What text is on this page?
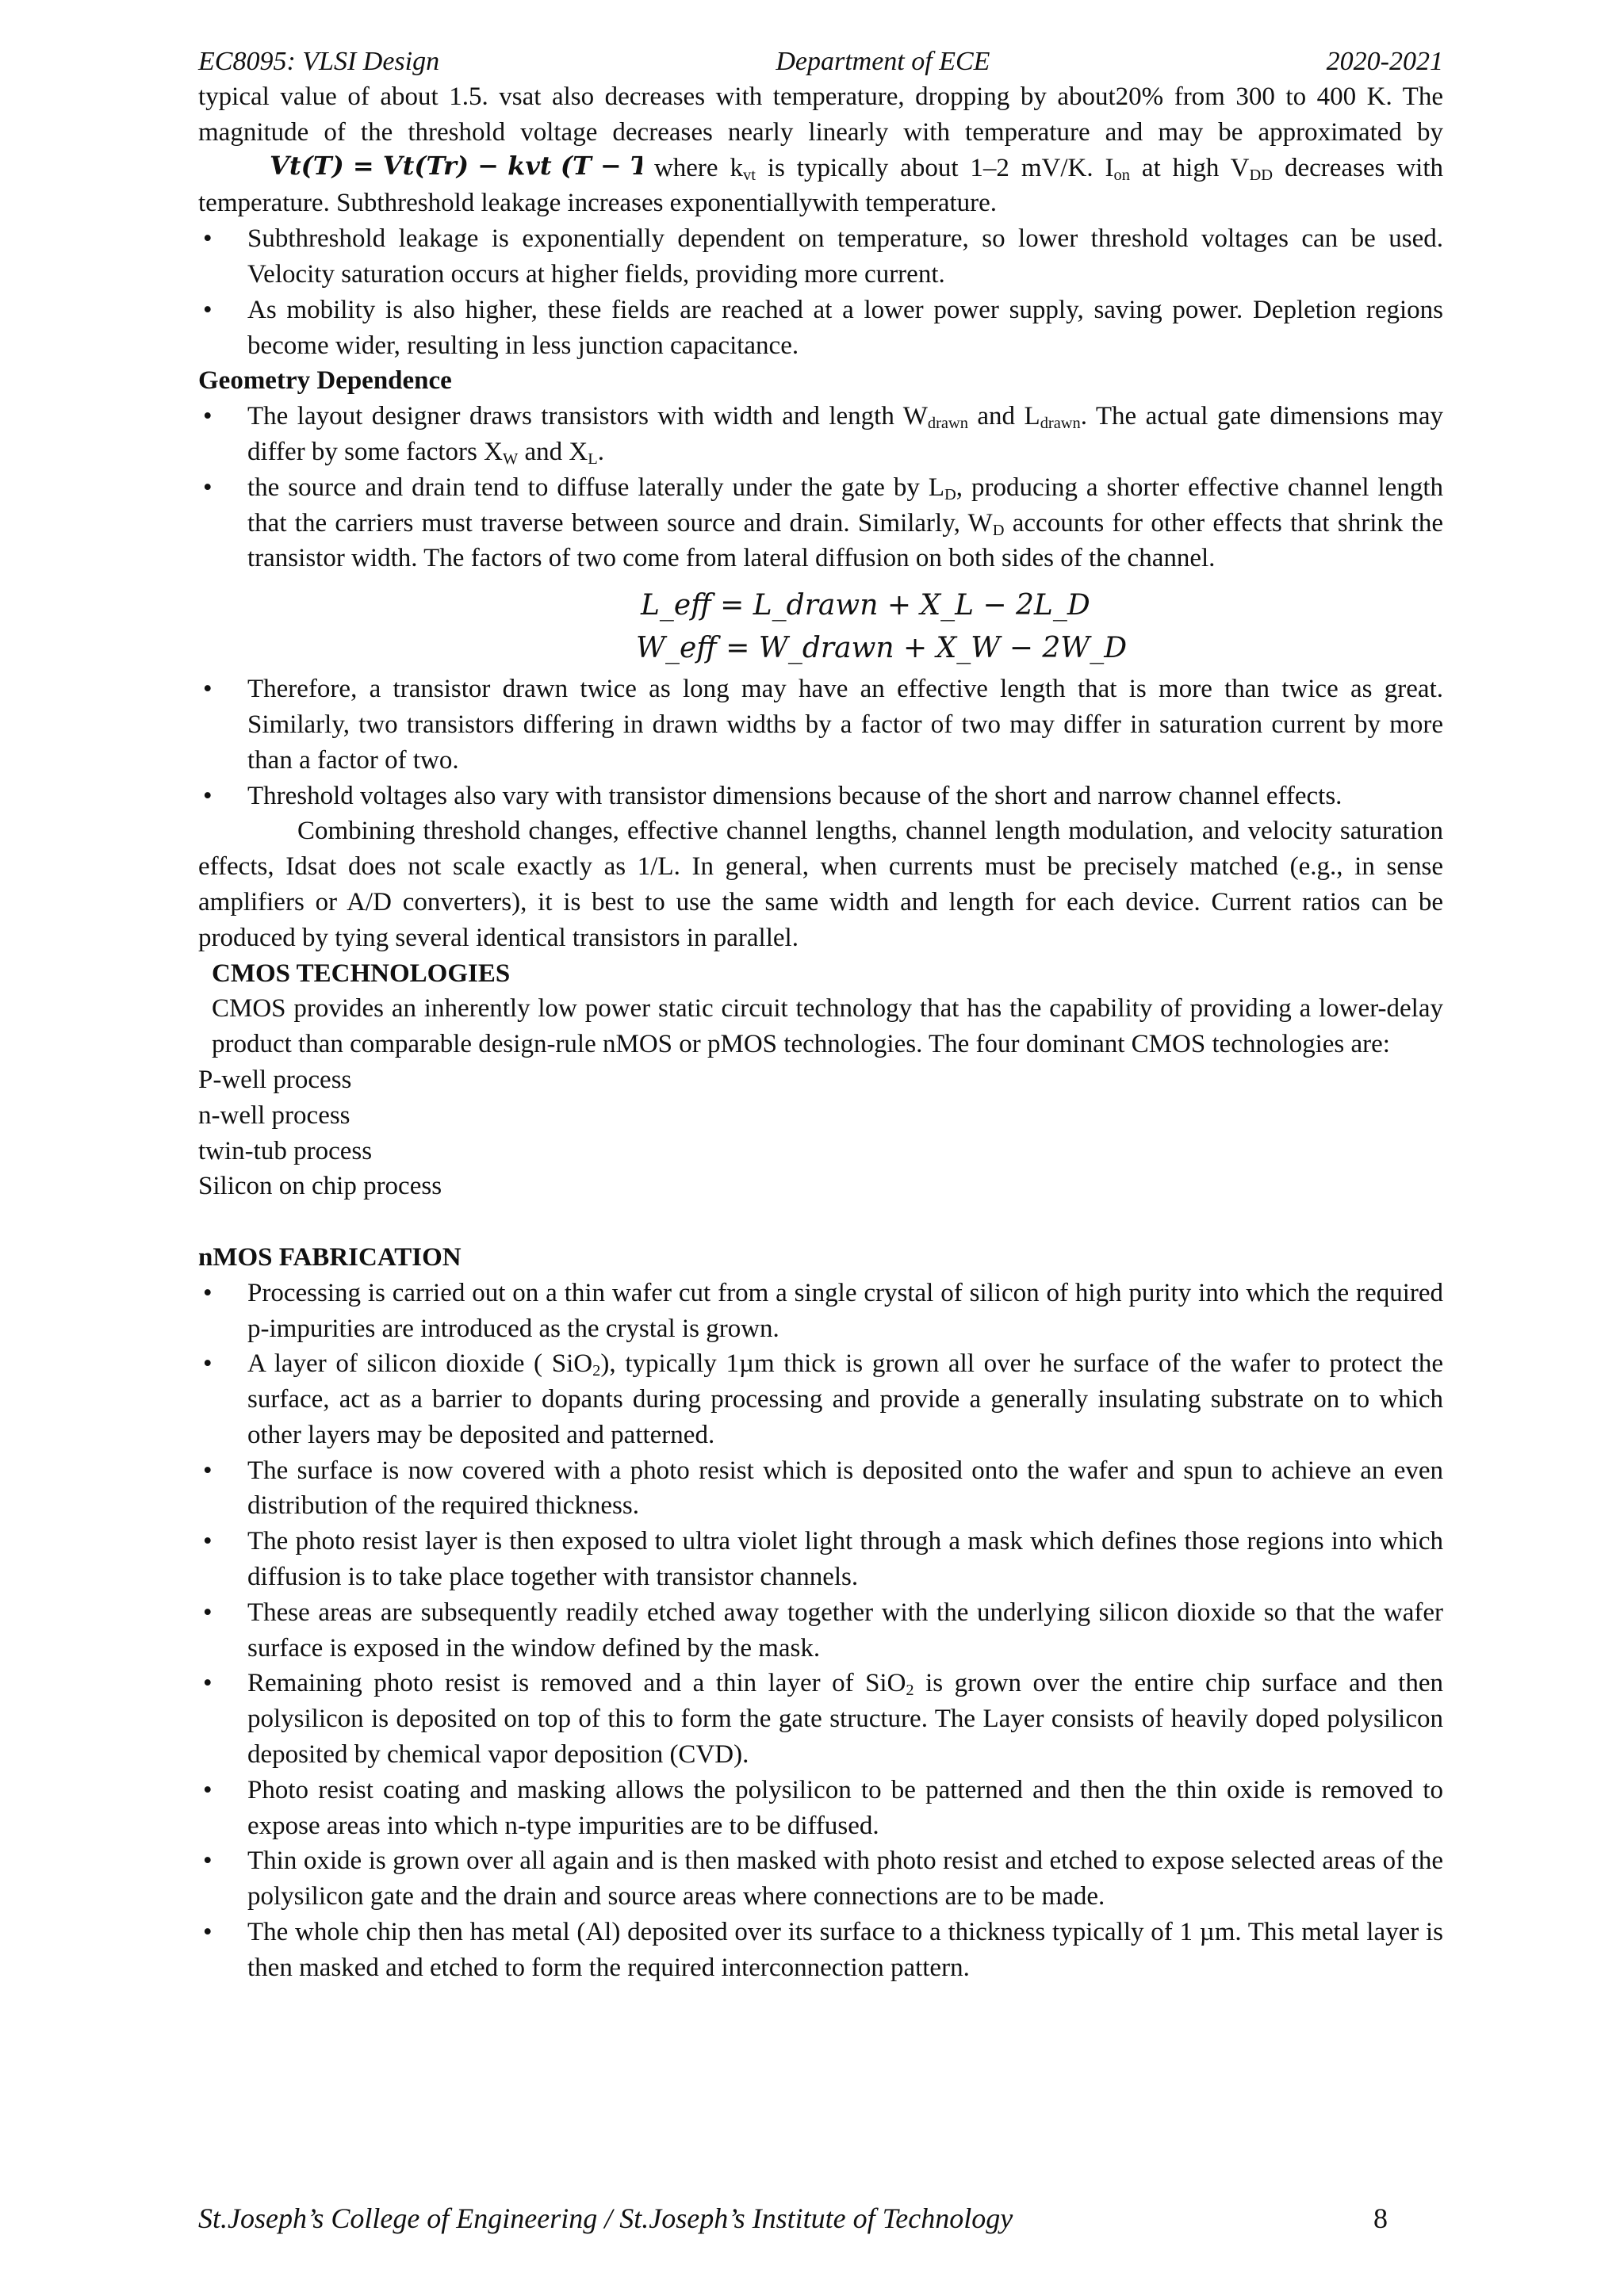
EC8095: VLSI Design	Department of ECE	2020-2021

typical value of about 1.5. vsat also decreases with temperature, dropping by about20% from 300 to 400 K. The magnitude of the threshold voltage decreases nearly linearly with temperature and may be approximated by
Vt(T) = Vt(Tr) − kvt (T − Tr)
where $k_{vt}$ is typically about 1–2 mV/K. $I_{on}$ at high $V_{DD}$ decreases with temperature. Subthreshold leakage increases exponentiallywith temperature.

• Subthreshold leakage is exponentially dependent on temperature, so lower threshold voltages can be used. Velocity saturation occurs at higher fields, providing more current.
• As mobility is also higher, these fields are reached at a lower power supply, saving power. Depletion regions become wider, resulting in less junction capacitance.
Geometry Dependence
• The layout designer draws transistors with width and length $W_{drawn}$ and $L_{drawn}$. The actual gate dimensions may differ by some factors $X_W$ and $X_L$.
• the source and drain tend to diffuse laterally under the gate by $L_D$, producing a shorter effective channel length that the carriers must traverse between source and drain. Similarly, $W_D$ accounts for other effects that shrink the transistor width. The factors of two come from lateral diffusion on both sides of the channel.
L_eff = L_drawn + X_L − 2L_D
W_eff = W_drawn + X_W − 2W_D
• Therefore, a transistor drawn twice as long may have an effective length that is more than twice as great. Similarly, two transistors differing in drawn widths by a factor of two may differ in saturation current by more than a factor of two.
• Threshold voltages also vary with transistor dimensions because of the short and narrow channel effects.

Combining threshold changes, effective channel lengths, channel length modulation, and velocity saturation effects, Idsat does not scale exactly as 1/L. In general, when currents must be precisely matched (e.g., in sense amplifiers or A/D converters), it is best to use the same width and length for each device. Current ratios can be produced by tying several identical transistors in parallel.

CMOS TECHNOLOGIES

CMOS provides an inherently low power static circuit technology that has the capability of providing a lower-delay product than comparable design-rule nMOS or pMOS technologies. The four dominant CMOS technologies are:

P-well process
n-well process
twin-tub process
Silicon on chip process
nMOS FABRICATION
• Processing is carried out on a thin wafer cut from a single crystal of silicon of high purity into which the required p-impurities are introduced as the crystal is grown.
• A layer of silicon dioxide ( SiO$_2$), typically 1µm thick is grown all over he surface of the wafer to protect the surface, act as a barrier to dopants during processing and provide a generally insulating substrate on to which other layers may be deposited and patterned.
• The surface is now covered with a photo resist which is deposited onto the wafer and spun to achieve an even distribution of the required thickness.
• The photo resist layer is then exposed to ultra violet light through a mask which defines those regions into which diffusion is to take place together with transistor channels.
• These areas are subsequently readily etched away together with the underlying silicon dioxide so that the wafer surface is exposed in the window defined by the mask.
• Remaining photo resist is removed and a thin layer of SiO$_2$ is grown over the entire chip surface and then polysilicon is deposited on top of this to form the gate structure. The Layer consists of heavily doped polysilicon deposited by chemical vapor deposition (CVD).
• Photo resist coating and masking allows the polysilicon to be patterned and then the thin oxide is removed to expose areas into which n-type impurities are to be diffused.
• Thin oxide is grown over all again and is then masked with photo resist and etched to expose selected areas of the polysilicon gate and the drain and source areas where connections are to be made.
• The whole chip then has metal (Al) deposited over its surface to a thickness typically of 1 µm. This metal layer is then masked and etched to form the required interconnection pattern.
St.Joseph’s College of Engineering / St.Joseph’s Institute of Technology	8
